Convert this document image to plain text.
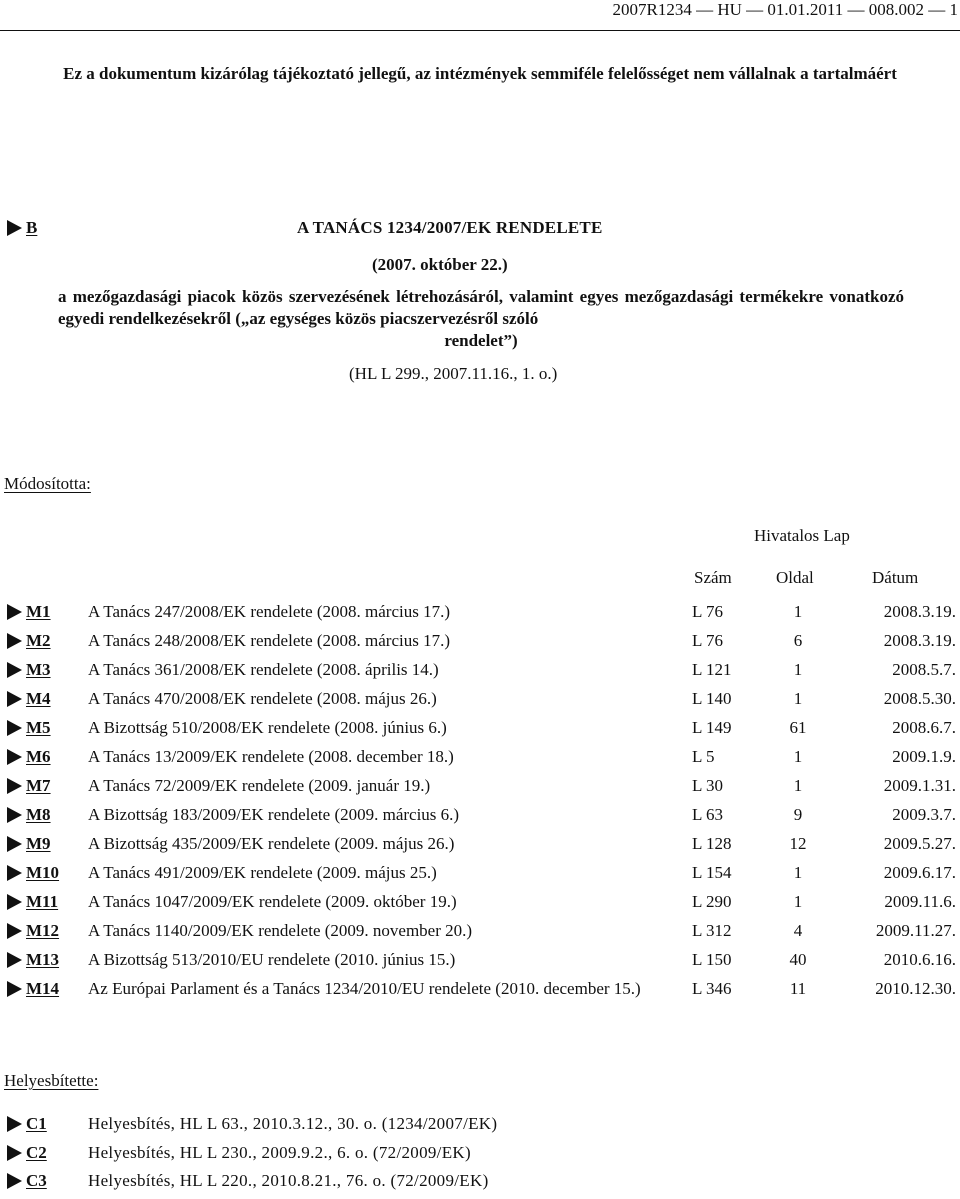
2007R1234 — HU — 01.01.2011 — 008.002 — 1
Ez a dokumentum kizárólag tájékoztató jellegű, az intézmények semmiféle felelősséget nem vállalnak a tartalmáért
B	A TANÁCS 1234/2007/EK RENDELETE
(2007. október 22.)
a mezőgazdasági piacok közös szervezésének létrehozásáról, valamint egyes mezőgazdasági termékekre vonatkozó egyedi rendelkezésekről („az egységes közös piacszervezésről szóló
rendelet”)
(HL L 299., 2007.11.16., 1. o.)
Módosította:
Hivatalos Lap
Szám	Oldal	Dátum
M1 A Tanács 247/2008/EK rendelete (2008. március 17.)	L 76	1	2008.3.19.
M2 A Tanács 248/2008/EK rendelete (2008. március 17.)	L 76	6	2008.3.19.
M3 A Tanács 361/2008/EK rendelete (2008. április 14.)	L 121	1	2008.5.7.
M4 A Tanács 470/2008/EK rendelete (2008. május 26.)	L 140	1	2008.5.30.
M5 A Bizottság 510/2008/EK rendelete (2008. június 6.)	L 149	61	2008.6.7.
M6 A Tanács 13/2009/EK rendelete (2008. december 18.)	L 5	1	2009.1.9.
M7 A Tanács 72/2009/EK rendelete (2009. január 19.)	L 30	1	2009.1.31.
M8 A Bizottság 183/2009/EK rendelete (2009. március 6.)	L 63	9	2009.3.7.
M9 A Bizottság 435/2009/EK rendelete (2009. május 26.)	L 128	12	2009.5.27.
M10 A Tanács 491/2009/EK rendelete (2009. május 25.)	L 154	1	2009.6.17.
M11 A Tanács 1047/2009/EK rendelete (2009. október 19.)	L 290	1	2009.11.6.
M12 A Tanács 1140/2009/EK rendelete (2009. november 20.)	L 312	4	2009.11.27.
M13 A Bizottság 513/2010/EU rendelete (2010. június 15.)	L 150	40	2010.6.16.
M14 Az Európai Parlament és a Tanács 1234/2010/EU rendelete (2010. december 15.)	L 346	11	2010.12.30.
Helyesbítette:
C1 Helyesbítés, HL L 63., 2010.3.12., 30. o. (1234/2007/EK)
C2 Helyesbítés, HL L 230., 2009.9.2., 6. o. (72/2009/EK)
C3 Helyesbítés, HL L 220., 2010.8.21., 76. o. (72/2009/EK)
